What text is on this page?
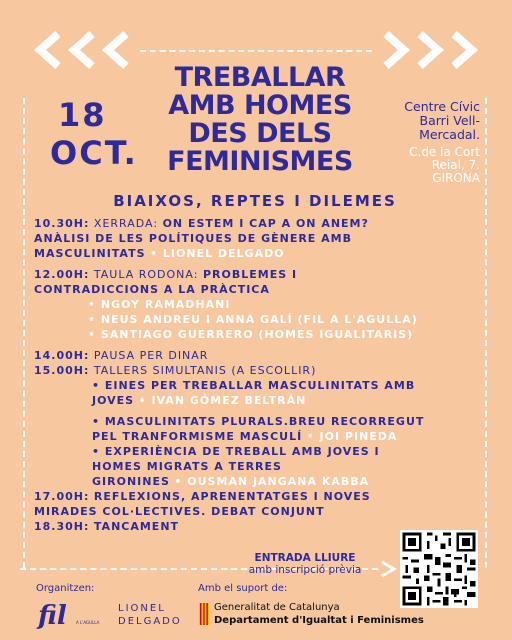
TREBALLAR
AMB HOMES
DES DELS
FEMINISMES
18
OCT.
Centre Cívic
Barri Vell-
Mercadal.
C.de la Cort
Reial, 7.
GIRONA
BIAIXOS, REPTES I DILEMES
10.30H: XERRADA: ON ESTEM I CAP A ON ANEM?
ANÀLISI DE LES POLÍTIQUES DE GÈNERE AMB
MASCULINITATS • LIONEL DELGADO
12.00H: TAULA RODONA: PROBLEMES I
CONTRADICCIONS A LA PRÀCTICA
• NGOY RAMADHANI
• NEUS ANDREU I ANNA GALÍ (FIL A L'AGULLA)
• SANTIAGO GUERRERO (HOMES IGUALITARIS)
14.00H: PAUSA PER DINAR
15.00H: TALLERS SIMULTANIS (A ESCOLLIR)
• EINES PER TREBALLAR MASCULINITATS AMB
JOVES • IVAN GÓMEZ BELTRÁN
• MASCULINITATS PLURALS.BREU RECORREGUT
PEL TRANFORMISME MASCULÍ • JOI PINEDA
• EXPERIÈNCIA DE TREBALL AMB JOVES I
HOMES MIGRATS A TERRES
GIRONINES • OUSMAN JANGANA KABBA
17.00H: REFLEXIONS, APRENENTATGES I NOVES
MIRADES COL·LECTIVES. DEBAT CONJUNT
18.30H: TANCAMENT
ENTRADA LLIURE
amb inscripció prèvia
Organitzen:	Amb el suport de:
fil A L'AGULLA
LIONEL
DELGADO
Generalitat de Catalunya
Departament d'Igualtat i Feminismes
